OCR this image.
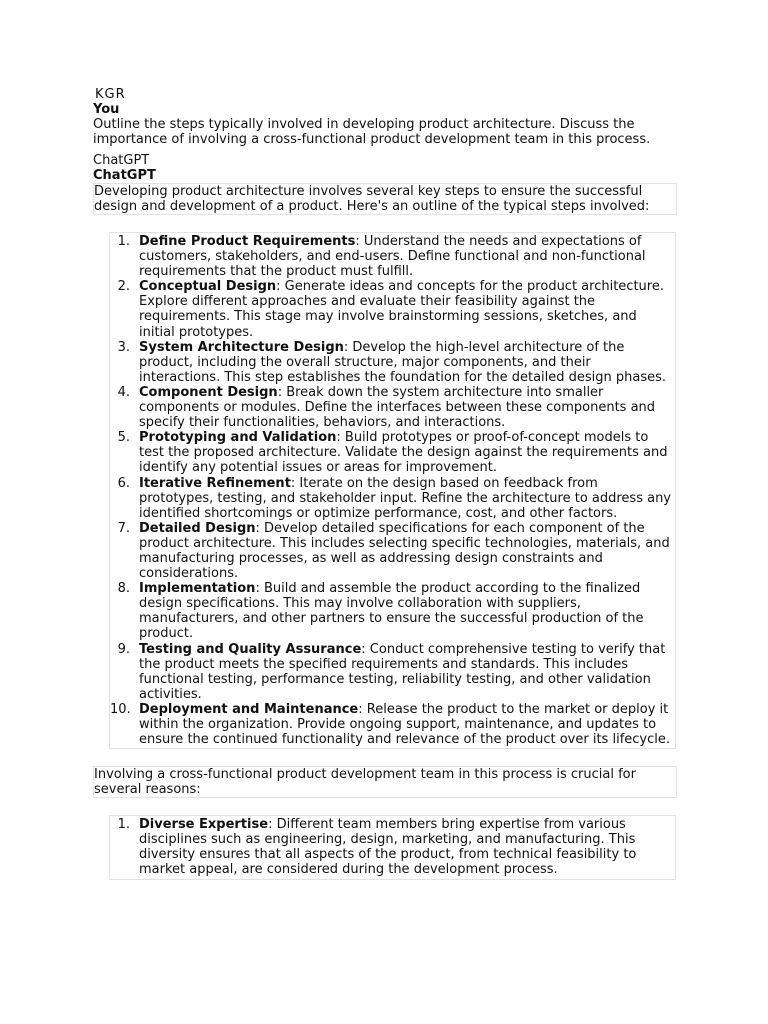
KGR
You
Outline the steps typically involved in developing product architecture. Discuss the importance of involving a cross-functional product development team in this process.
ChatGPT
ChatGPT
Developing product architecture involves several key steps to ensure the successful design and development of a product. Here's an outline of the typical steps involved:
1. Define Product Requirements: Understand the needs and expectations of customers, stakeholders, and end-users. Define functional and non-functional requirements that the product must fulfill.
2. Conceptual Design: Generate ideas and concepts for the product architecture. Explore different approaches and evaluate their feasibility against the requirements. This stage may involve brainstorming sessions, sketches, and initial prototypes.
3. System Architecture Design: Develop the high-level architecture of the product, including the overall structure, major components, and their interactions. This step establishes the foundation for the detailed design phases.
4. Component Design: Break down the system architecture into smaller components or modules. Define the interfaces between these components and specify their functionalities, behaviors, and interactions.
5. Prototyping and Validation: Build prototypes or proof-of-concept models to test the proposed architecture. Validate the design against the requirements and identify any potential issues or areas for improvement.
6. Iterative Refinement: Iterate on the design based on feedback from prototypes, testing, and stakeholder input. Refine the architecture to address any identified shortcomings or optimize performance, cost, and other factors.
7. Detailed Design: Develop detailed specifications for each component of the product architecture. This includes selecting specific technologies, materials, and manufacturing processes, as well as addressing design constraints and considerations.
8. Implementation: Build and assemble the product according to the finalized design specifications. This may involve collaboration with suppliers, manufacturers, and other partners to ensure the successful production of the product.
9. Testing and Quality Assurance: Conduct comprehensive testing to verify that the product meets the specified requirements and standards. This includes functional testing, performance testing, reliability testing, and other validation activities.
10. Deployment and Maintenance: Release the product to the market or deploy it within the organization. Provide ongoing support, maintenance, and updates to ensure the continued functionality and relevance of the product over its lifecycle.
Involving a cross-functional product development team in this process is crucial for several reasons:
1. Diverse Expertise: Different team members bring expertise from various disciplines such as engineering, design, marketing, and manufacturing. This diversity ensures that all aspects of the product, from technical feasibility to market appeal, are considered during the development process.
